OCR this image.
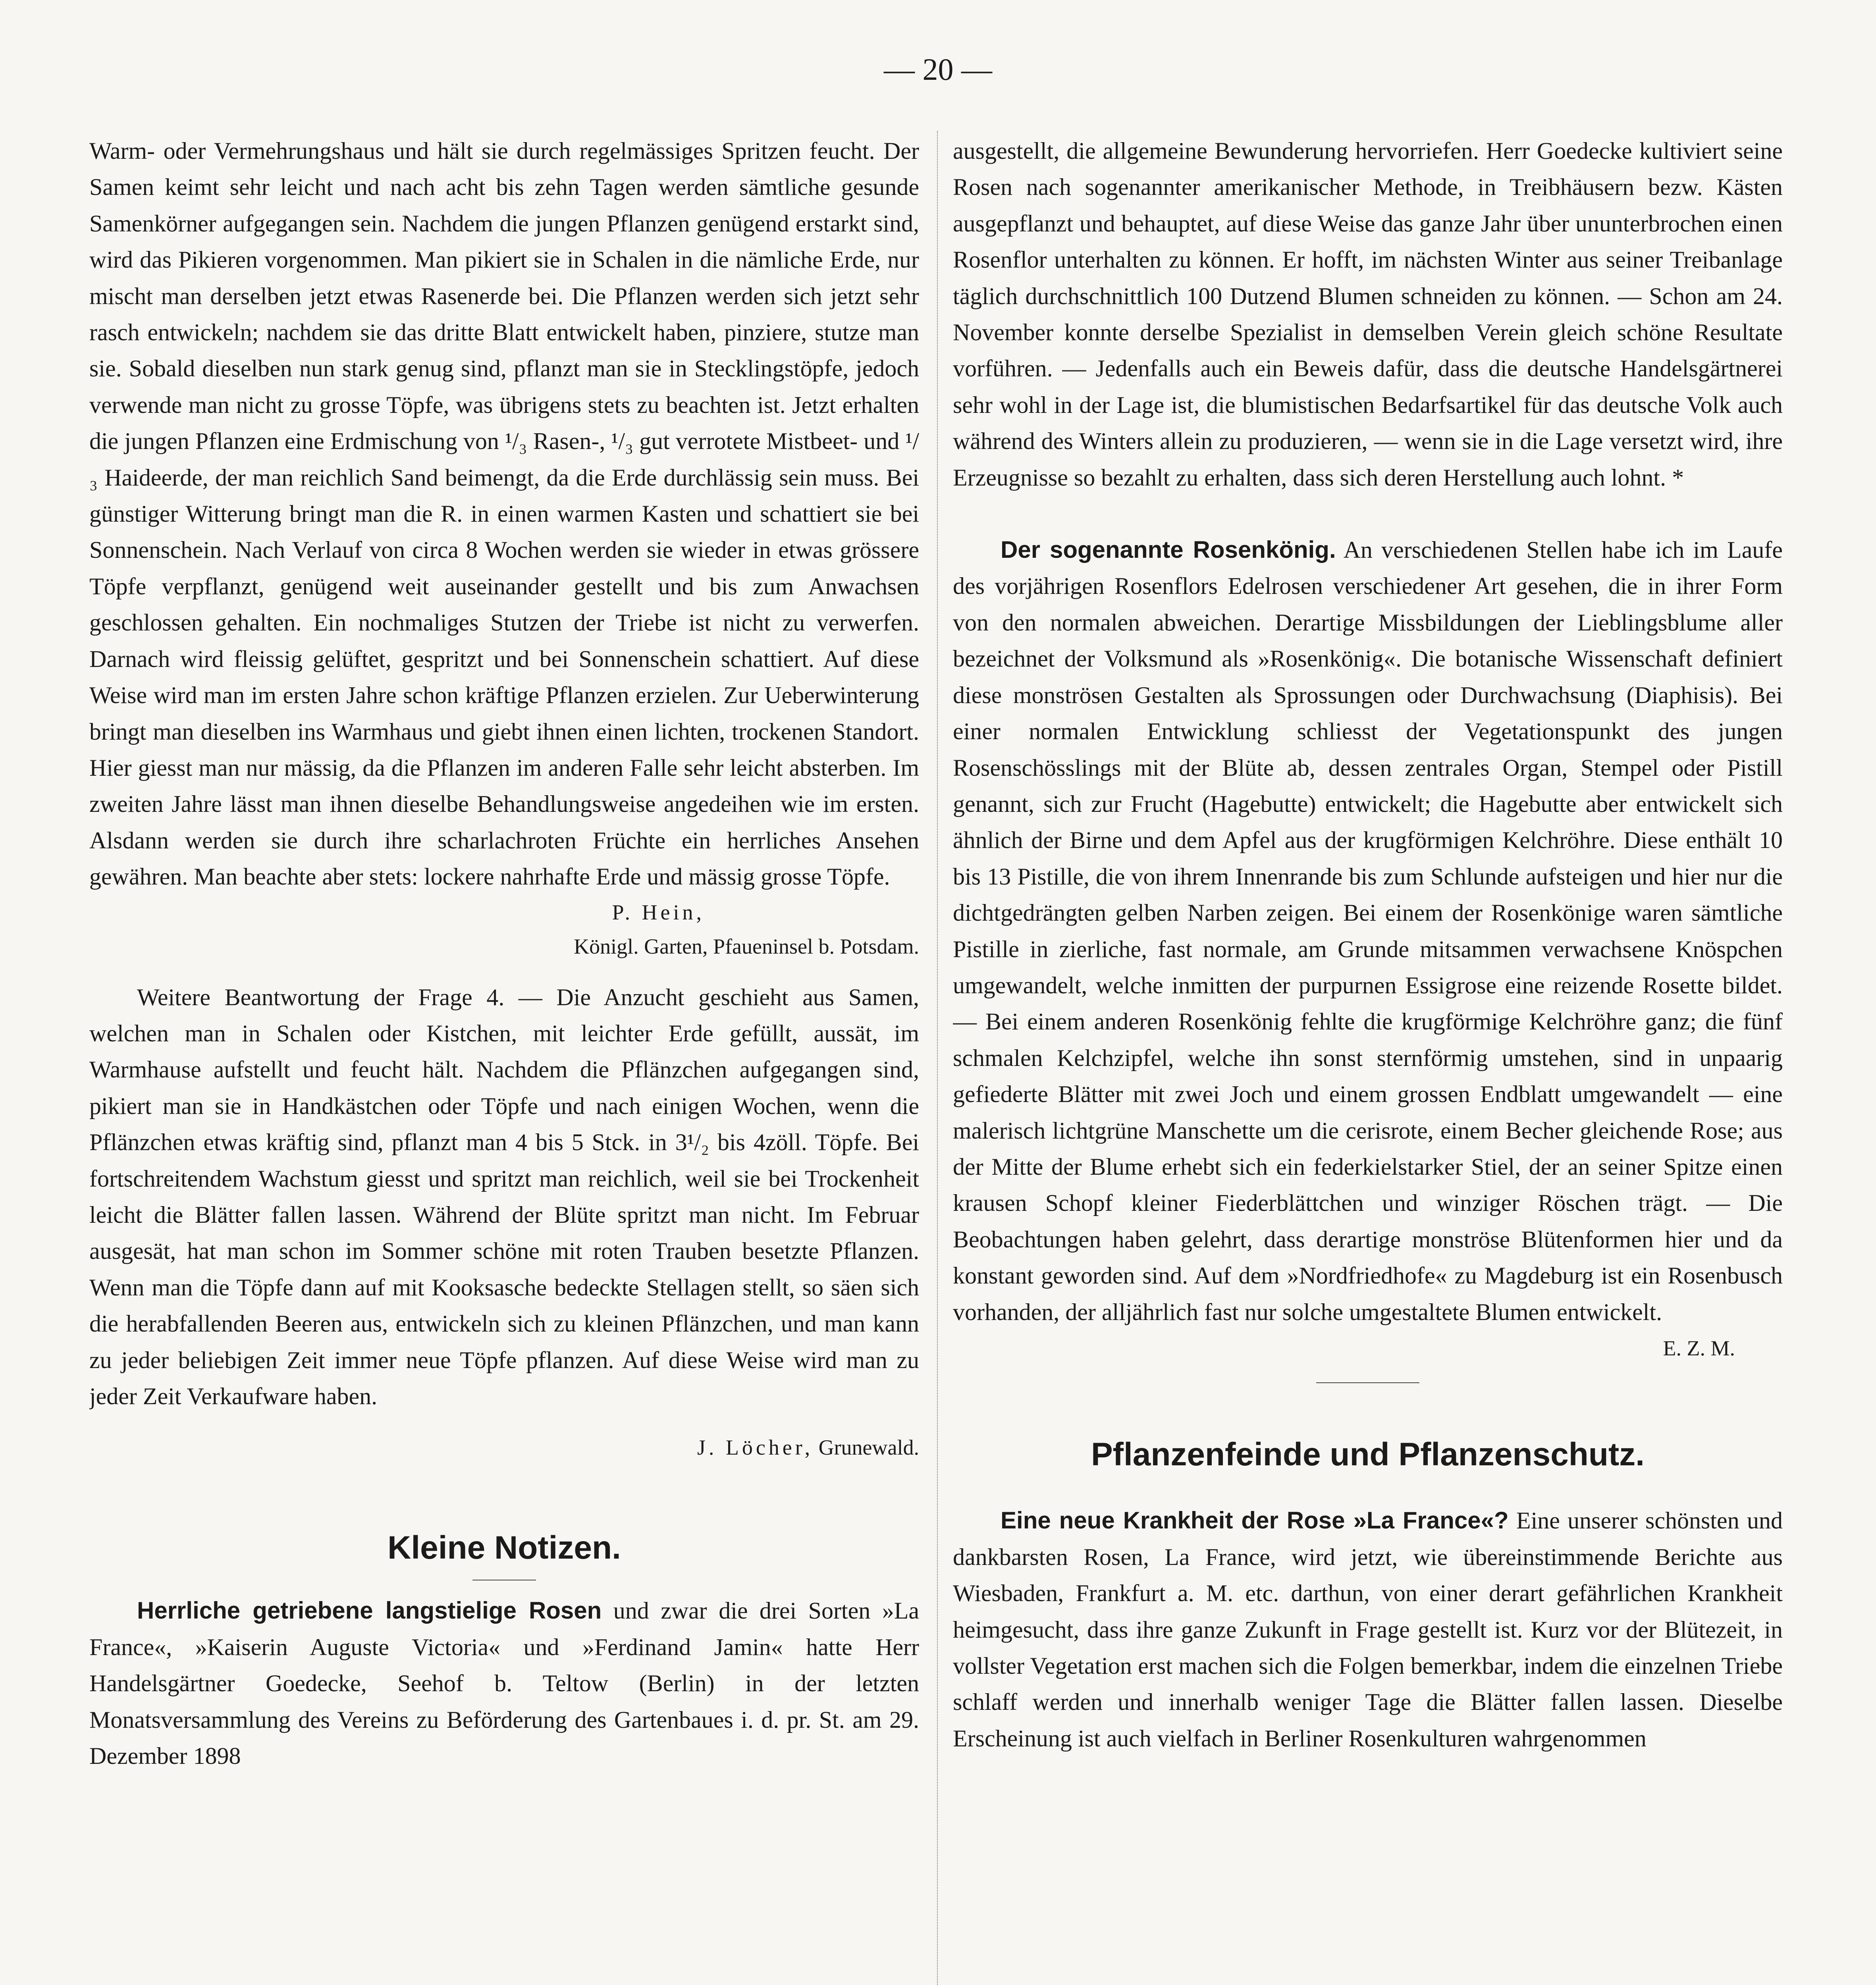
— 20 —

Warm- oder Vermehrungshaus und hält sie durch regelmässiges Spritzen feucht. Der Samen keimt sehr leicht und nach acht bis zehn Tagen werden sämtliche gesunde Samenkörner aufgegangen sein. Nachdem die jungen Pflanzen genügend erstarkt sind, wird das Pikieren vorgenommen. Man pikiert sie in Schalen in die nämliche Erde, nur mischt man derselben jetzt etwas Rasenerde bei. Die Pflanzen werden sich jetzt sehr rasch entwickeln; nachdem sie das dritte Blatt entwickelt haben, pinziere, stutze man sie. Sobald dieselben nun stark genug sind, pflanzt man sie in Stecklingstöpfe, jedoch verwende man nicht zu grosse Töpfe, was übrigens stets zu beachten ist. Jetzt erhalten die jungen Pflanzen eine Erdmischung von ¹/₃ Rasen-, ¹/₃ gut verrotete Mistbeet- und ¹/₃ Haideerde, der man reichlich Sand beimengt, da die Erde durchlässig sein muss. Bei günstiger Witterung bringt man die R. in einen warmen Kasten und schattiert sie bei Sonnenschein. Nach Verlauf von circa 8 Wochen werden sie wieder in etwas grössere Töpfe verpflanzt, genügend weit auseinander gestellt und bis zum Anwachsen geschlossen gehalten. Ein nochmaliges Stutzen der Triebe ist nicht zu verwerfen. Darnach wird fleissig gelüftet, gespritzt und bei Sonnenschein schattiert. Auf diese Weise wird man im ersten Jahre schon kräftige Pflanzen erzielen. Zur Ueberwinterung bringt man dieselben ins Warmhaus und giebt ihnen einen lichten, trockenen Standort. Hier giesst man nur mässig, da die Pflanzen im anderen Falle sehr leicht absterben. Im zweiten Jahre lässt man ihnen dieselbe Behandlungsweise angedeihen wie im ersten. Alsdann werden sie durch ihre scharlachroten Früchte ein herrliches Ansehen gewähren. Man beachte aber stets: lockere nahrhafte Erde und mässig grosse Töpfe.

P. Hein,

Königl. Garten, Pfaueninsel b. Potsdam.

Weitere Beantwortung der Frage 4. — Die Anzucht geschieht aus Samen, welchen man in Schalen oder Kistchen, mit leichter Erde gefüllt, aussät, im Warmhause aufstellt und feucht hält. Nachdem die Pflänzchen aufgegangen sind, pikiert man sie in Handkästchen oder Töpfe und nach einigen Wochen, wenn die Pflänzchen etwas kräftig sind, pflanzt man 4 bis 5 Stck. in 3¹/₂ bis 4zöll. Töpfe. Bei fortschreitendem Wachstum giesst und spritzt man reichlich, weil sie bei Trockenheit leicht die Blätter fallen lassen. Während der Blüte spritzt man nicht. Im Februar ausgesät, hat man schon im Sommer schöne mit roten Trauben besetzte Pflanzen. Wenn man die Töpfe dann auf mit Kooksasche bedeckte Stellagen stellt, so säen sich die herabfallenden Beeren aus, entwickeln sich zu kleinen Pflänzchen, und man kann zu jeder beliebigen Zeit immer neue Töpfe pflanzen. Auf diese Weise wird man zu jeder Zeit Verkaufware haben.

J. Löcher, Grunewald.

Kleine Notizen.

Herrliche getriebene langstielige Rosen und zwar die drei Sorten »La France«, »Kaiserin Auguste Victoria« und »Ferdinand Jamin« hatte Herr Handelsgärtner Goedecke, Seehof b. Teltow (Berlin) in der letzten Monatsversammlung des Vereins zu Beförderung des Gartenbaues i. d. pr. St. am 29. Dezember 1898

ausgestellt, die allgemeine Bewunderung hervorriefen. Herr Goedecke kultiviert seine Rosen nach sogenannter amerikanischer Methode, in Treibhäusern bezw. Kästen ausgepflanzt und behauptet, auf diese Weise das ganze Jahr über ununterbrochen einen Rosenflor unterhalten zu können. Er hofft, im nächsten Winter aus seiner Treibanlage täglich durchschnittlich 100 Dutzend Blumen schneiden zu können. — Schon am 24. November konnte derselbe Spezialist in demselben Verein gleich schöne Resultate vorführen. — Jedenfalls auch ein Beweis dafür, dass die deutsche Handelsgärtnerei sehr wohl in der Lage ist, die blumistischen Bedarfsartikel für das deutsche Volk auch während des Winters allein zu produzieren, — wenn sie in die Lage versetzt wird, ihre Erzeugnisse so bezahlt zu erhalten, dass sich deren Herstellung auch lohnt. *

Der sogenannte Rosenkönig. An verschiedenen Stellen habe ich im Laufe des vorjährigen Rosenflors Edelrosen verschiedener Art gesehen, die in ihrer Form von den normalen abweichen. Derartige Missbildungen der Lieblingsblume aller bezeichnet der Volksmund als »Rosenkönig«. Die botanische Wissenschaft definiert diese monströsen Gestalten als Sprossungen oder Durchwachsung (Diaphisis). Bei einer normalen Entwicklung schliesst der Vegetationspunkt des jungen Rosenschösslings mit der Blüte ab, dessen zentrales Organ, Stempel oder Pistill genannt, sich zur Frucht (Hagebutte) entwickelt; die Hagebutte aber entwickelt sich ähnlich der Birne und dem Apfel aus der krugförmigen Kelchröhre. Diese enthält 10 bis 13 Pistille, die von ihrem Innenrande bis zum Schlunde aufsteigen und hier nur die dichtgedrängten gelben Narben zeigen. Bei einem der Rosenkönige waren sämtliche Pistille in zierliche, fast normale, am Grunde mitsammen verwachsene Knöspchen umgewandelt, welche inmitten der purpurnen Essigrose eine reizende Rosette bildet. — Bei einem anderen Rosenkönig fehlte die krugförmige Kelchröhre ganz; die fünf schmalen Kelchzipfel, welche ihn sonst sternförmig umstehen, sind in unpaarig gefiederte Blätter mit zwei Joch und einem grossen Endblatt umgewandelt — eine malerisch lichtgrüne Manschette um die cerisrote, einem Becher gleichende Rose; aus der Mitte der Blume erhebt sich ein federkielstarker Stiel, der an seiner Spitze einen krausen Schopf kleiner Fiederblättchen und winziger Röschen trägt. — Die Beobachtungen haben gelehrt, dass derartige monströse Blütenformen hier und da konstant geworden sind. Auf dem »Nordfriedhofe« zu Magdeburg ist ein Rosenbusch vorhanden, der alljährlich fast nur solche umgestaltete Blumen entwickelt.

E. Z. M.

Pflanzenfeinde und Pflanzenschutz.

Eine neue Krankheit der Rose »La France«? Eine unserer schönsten und dankbarsten Rosen, La France, wird jetzt, wie übereinstimmende Berichte aus Wiesbaden, Frankfurt a. M. etc. darthun, von einer derart gefährlichen Krankheit heimgesucht, dass ihre ganze Zukunft in Frage gestellt ist. Kurz vor der Blütezeit, in vollster Vegetation erst machen sich die Folgen bemerkbar, indem die einzelnen Triebe schlaff werden und innerhalb weniger Tage die Blätter fallen lassen. Dieselbe Erscheinung ist auch vielfach in Berliner Rosenkulturen wahrgenommen
